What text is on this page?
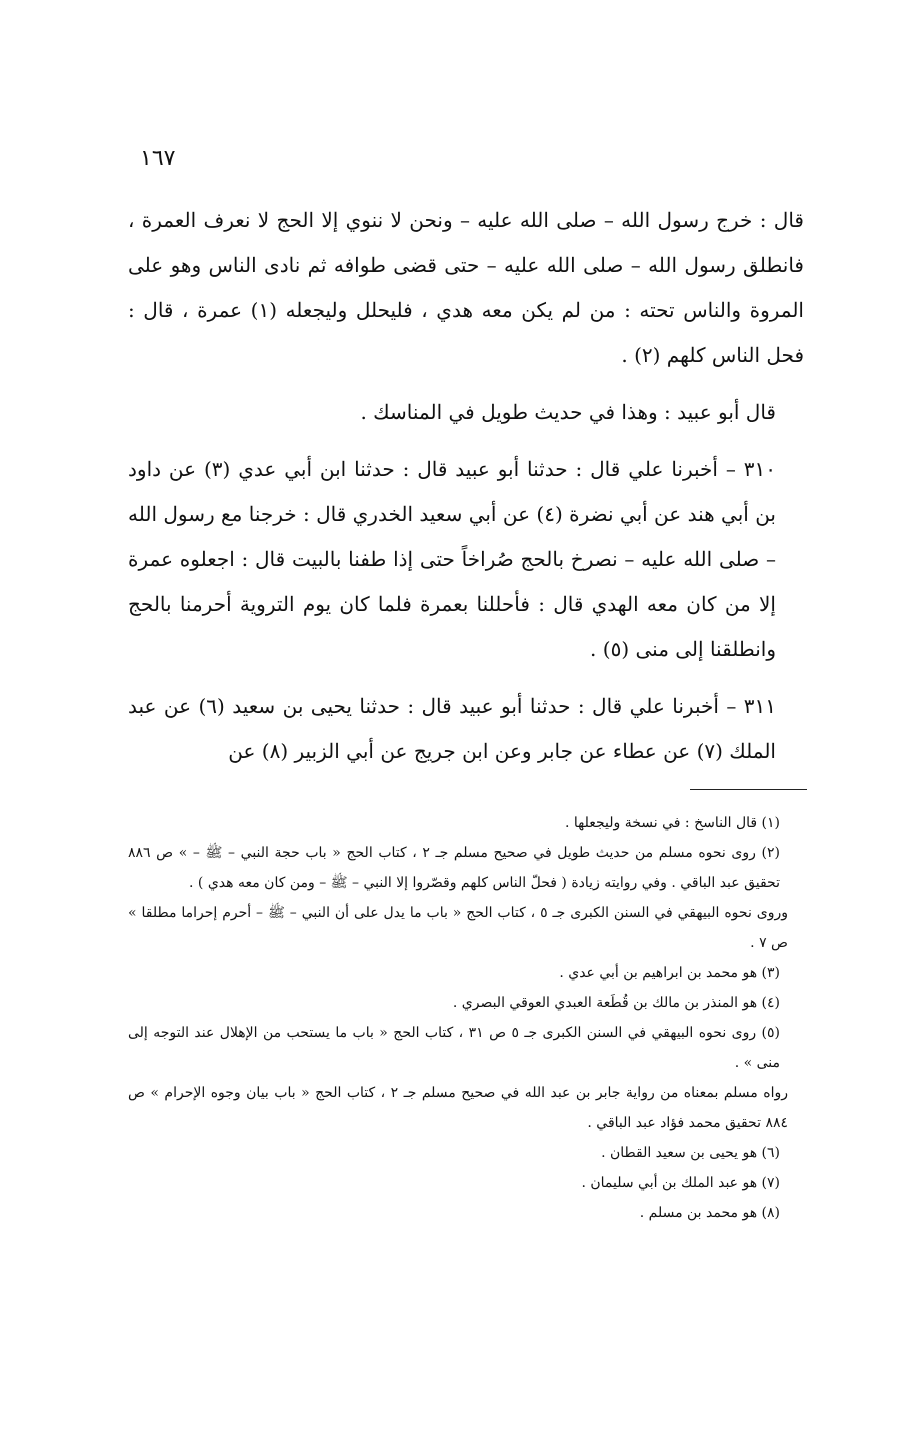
١٦٧

قال : خرج رسول الله – صلى الله عليه – ونحن لا ننوي إلا الحج لا نعرف العمرة ، فانطلق رسول الله – صلى الله عليه – حتى قضى طوافه ثم نادى الناس وهو على المروة والناس تحته : من لم يكن معه هدي ، فليحلل وليجعله (١) عمرة ، قال : فحل الناس كلهم (٢) .

قال أبو عبيد : وهذا في حديث طويل في المناسك .

٣١٠ – أخبرنا علي قال : حدثنا أبو عبيد قال : حدثنا ابن أبي عدي (٣) عن داود بن أبي هند عن أبي نضرة (٤) عن أبي سعيد الخدري قال : خرجنا مع رسول الله – صلى الله عليه – نصرخ بالحج صُراخاً حتى إذا طفنا بالبيت قال : اجعلوه عمرة إلا من كان معه الهدي قال : فأحللنا بعمرة فلما كان يوم التروية أحرمنا بالحج وانطلقنا إلى منى (٥) .

٣١١ – أخبرنا علي قال : حدثنا أبو عبيد قال : حدثنا يحيى بن سعيد (٦) عن عبد الملك (٧) عن عطاء عن جابر وعن ابن جريج عن أبي الزبير (٨) عن

(١) قال الناسخ : في نسخة وليجعلها .

(٢) روى نحوه مسلم من حديث طويل في صحيح مسلم جـ ٢ ، كتاب الحج « باب حجة النبي – ﷺ – » ص ٨٨٦ تحقيق عبد الباقي . وفي روايته زيادة ( فحلّ الناس كلهم وقصّروا إلا النبي – ﷺ – ومن كان معه هدي ) .

وروى نحوه البيهقي في السنن الكبرى جـ ٥ ، كتاب الحج « باب ما يدل على أن النبي – ﷺ – أحرم إحراما مطلقا » ص ٧ .

(٣) هو محمد بن ابراهيم بن أبي عدي .

(٤) هو المنذر بن مالك بن قُطَعة العبدي العوقي البصري .

(٥) روى نحوه البيهقي في السنن الكبرى جـ ٥ ص ٣١ ، كتاب الحج « باب ما يستحب من الإهلال عند التوجه إلى منى » .

رواه مسلم بمعناه من رواية جابر بن عبد الله في صحيح مسلم جـ ٢ ، كتاب الحج « باب بيان وجوه الإحرام » ص ٨٨٤ تحقيق محمد فؤاد عبد الباقي .

(٦) هو يحيى بن سعيد القطان .

(٧) هو عبد الملك بن أبي سليمان .

(٨) هو محمد بن مسلم .
